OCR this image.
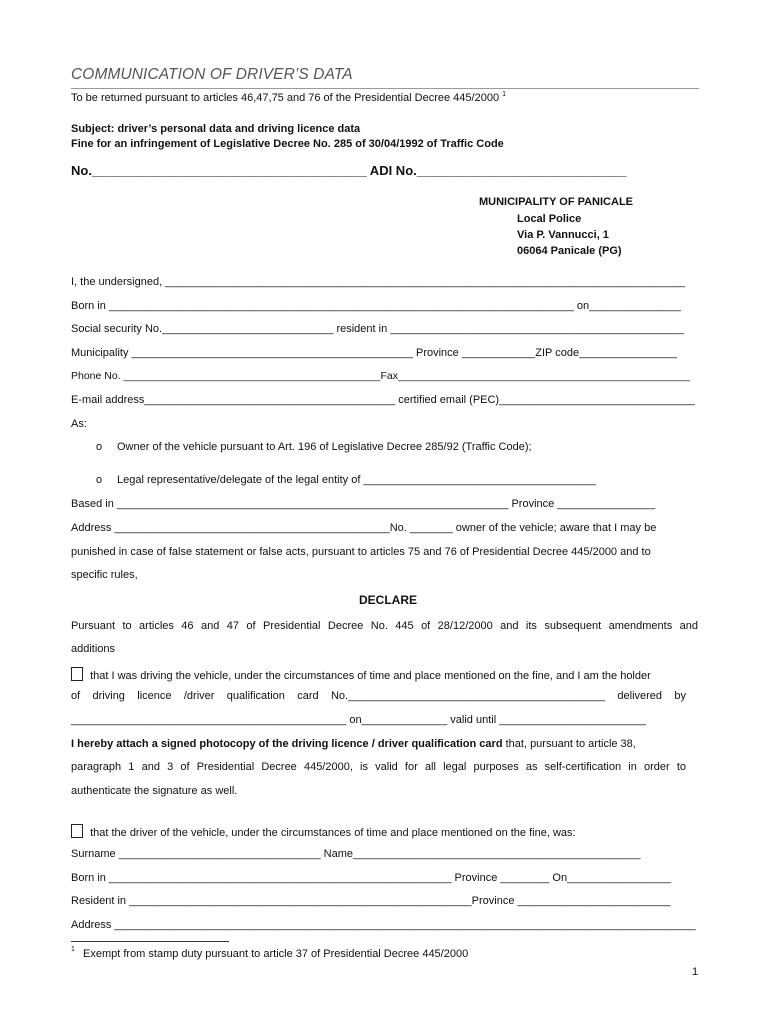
COMMUNICATION OF DRIVER’S DATA
To be returned pursuant to articles 46,47,75 and 76 of the Presidential Decree 445/2000 $^1$
Subject: driver’s personal data and driving licence data
Fine for an infringement of Legislative Decree No. 285 of 30/04/1992 of Traffic Code
No.______________________________________ ADI No._____________________________
MUNICIPALITY OF PANICALE
Local Police
Via P. Vannucci, 1
06064 Panicale (PG)
I, the undersigned, _____________________________________________________________________________________
Born in ____________________________________________________________________________ on_______________
Social security No.____________________________ resident in ________________________________________________
Municipality ______________________________________________ Province ____________ZIP code________________
Phone No. ____________________________________________Fax__________________________________________________
E-mail address_________________________________________ certified email (PEC)________________________________
As:
o Owner of the vehicle pursuant to Art. 196 of Legislative Decree 285/92 (Traffic Code);
o Legal representative/delegate of the legal entity of ______________________________________
Based in ________________________________________________________________ Province ________________
Address _____________________________________________No. _______ owner of the vehicle; aware that I may be
punished in case of false statement or false acts, pursuant to articles 75 and 76 of Presidential Decree 445/2000 and to
specific rules,
DECLARE
Pursuant to articles 46 and 47 of Presidential Decree No. 445 of 28/12/2000 and its subsequent amendments and
additions
that I was driving the vehicle, under the circumstances of time and place mentioned on the fine, and I am the holder
of driving licence /driver qualification card No.__________________________________________ delivered by
_____________________________________________ on______________ valid until ________________________
I hereby attach a signed photocopy of the driving licence / driver qualification card that, pursuant to article 38,
paragraph 1 and 3 of Presidential Decree 445/2000, is valid for all legal purposes as self-certification in order to
authenticate the signature as well.
that the driver of the vehicle, under the circumstances of time and place mentioned on the fine, was:
Surname _________________________________ Name_______________________________________________
Born in ________________________________________________________ Province ________ On_________________
Resident in ________________________________________________________Province _________________________
Address _______________________________________________________________________________________________
1 Exempt from stamp duty pursuant to article 37 of Presidential Decree 445/2000
1
